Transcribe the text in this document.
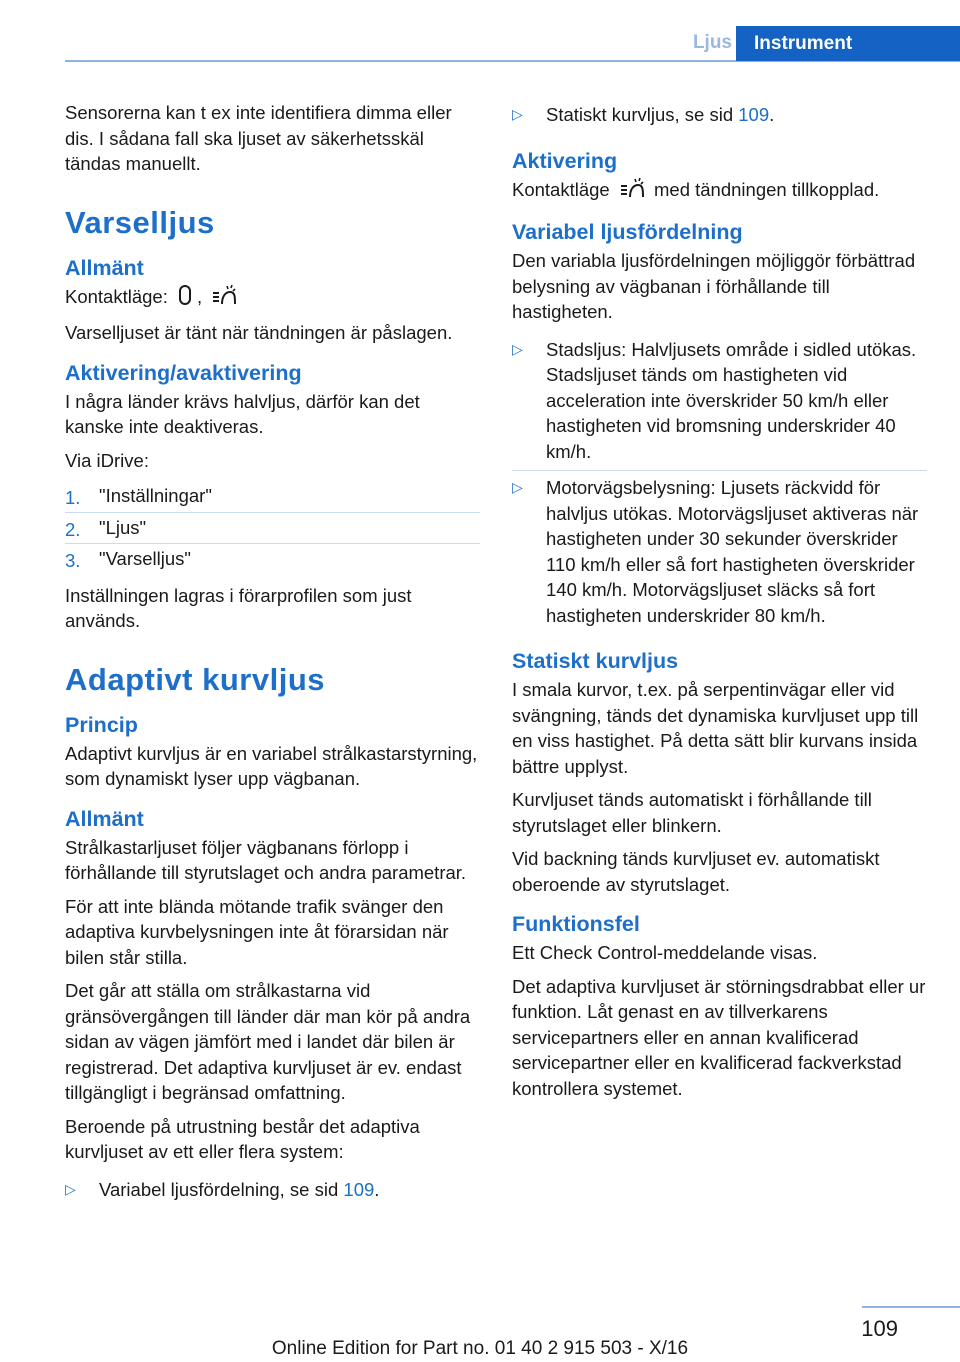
Ljus	Instrument

Sensorerna kan t ex inte identifiera dimma eller dis. I sådana fall ska ljuset av säkerhetsskäl tändas manuellt.

Varselljus
Allmänt

Kontaktläge: ,

Varselljuset är tänt när tändningen är påslagen.

Aktivering/avaktivering

I några länder krävs halvljus, därför kan det kanske inte deaktiveras.

Via iDrive:

1. "Inställningar"
2. "Ljus"
3. "Varselljus"

Inställningen lagras i förarprofilen som just används.

Adaptivt kurvljus
Princip

Adaptivt kurvljus är en variabel strålkastarstyrning, som dynamiskt lyser upp vägbanan.

Allmänt

Strålkastarljuset följer vägbanans förlopp i förhållande till styrutslaget och andra parametrar.

För att inte blända mötande trafik svänger den adaptiva kurvbelysningen inte åt förarsidan när bilen står stilla.

Det går att ställa om strålkastarna vid gränsövergången till länder där man kör på andra sidan av vägen jämfört med i landet där bilen är registrerad. Det adaptiva kurvljuset är ev. endast tillgängligt i begränsad omfattning.

Beroende på utrustning består det adaptiva kurvljuset av ett eller flera system:

▷ Variabel ljusfördelning, se sid 109.
▷ Statiskt kurvljus, se sid 109.
Aktivering

Kontaktläge med tändningen tillkopplad.

Variabel ljusfördelning

Den variabla ljusfördelningen möjliggör förbättrad belysning av vägbanan i förhållande till hastigheten.

▷ Stadsljus: Halvljusets område i sidled utökas. Stadsljuset tänds om hastigheten vid acceleration inte överskrider 50 km/h eller hastigheten vid bromsning underskrider 40 km/h.
▷ Motorvägsbelysning: Ljusets räckvidd för halvljus utökas. Motorvägsljuset aktiveras när hastigheten under 30 sekunder överskrider 110 km/h eller så fort hastigheten överskrider 140 km/h. Motorvägsljuset släcks så fort hastigheten underskrider 80 km/h.
Statiskt kurvljus

I smala kurvor, t.ex. på serpentinvägar eller vid svängning, tänds det dynamiska kurvljuset upp till en viss hastighet. På detta sätt blir kurvans insida bättre upplyst.

Kurvljuset tänds automatiskt i förhållande till styrutslaget eller blinkern.

Vid backning tänds kurvljuset ev. automatiskt oberoende av styrutslaget.

Funktionsfel

Ett Check Control-meddelande visas.

Det adaptiva kurvljuset är störningsdrabbat eller ur funktion. Låt genast en av tillverkarens servicepartners eller en annan kvalificerad servicepartner eller en kvalificerad fackverkstad kontrollera systemet.

109
Online Edition for Part no. 01 40 2 915 503 - X/16
